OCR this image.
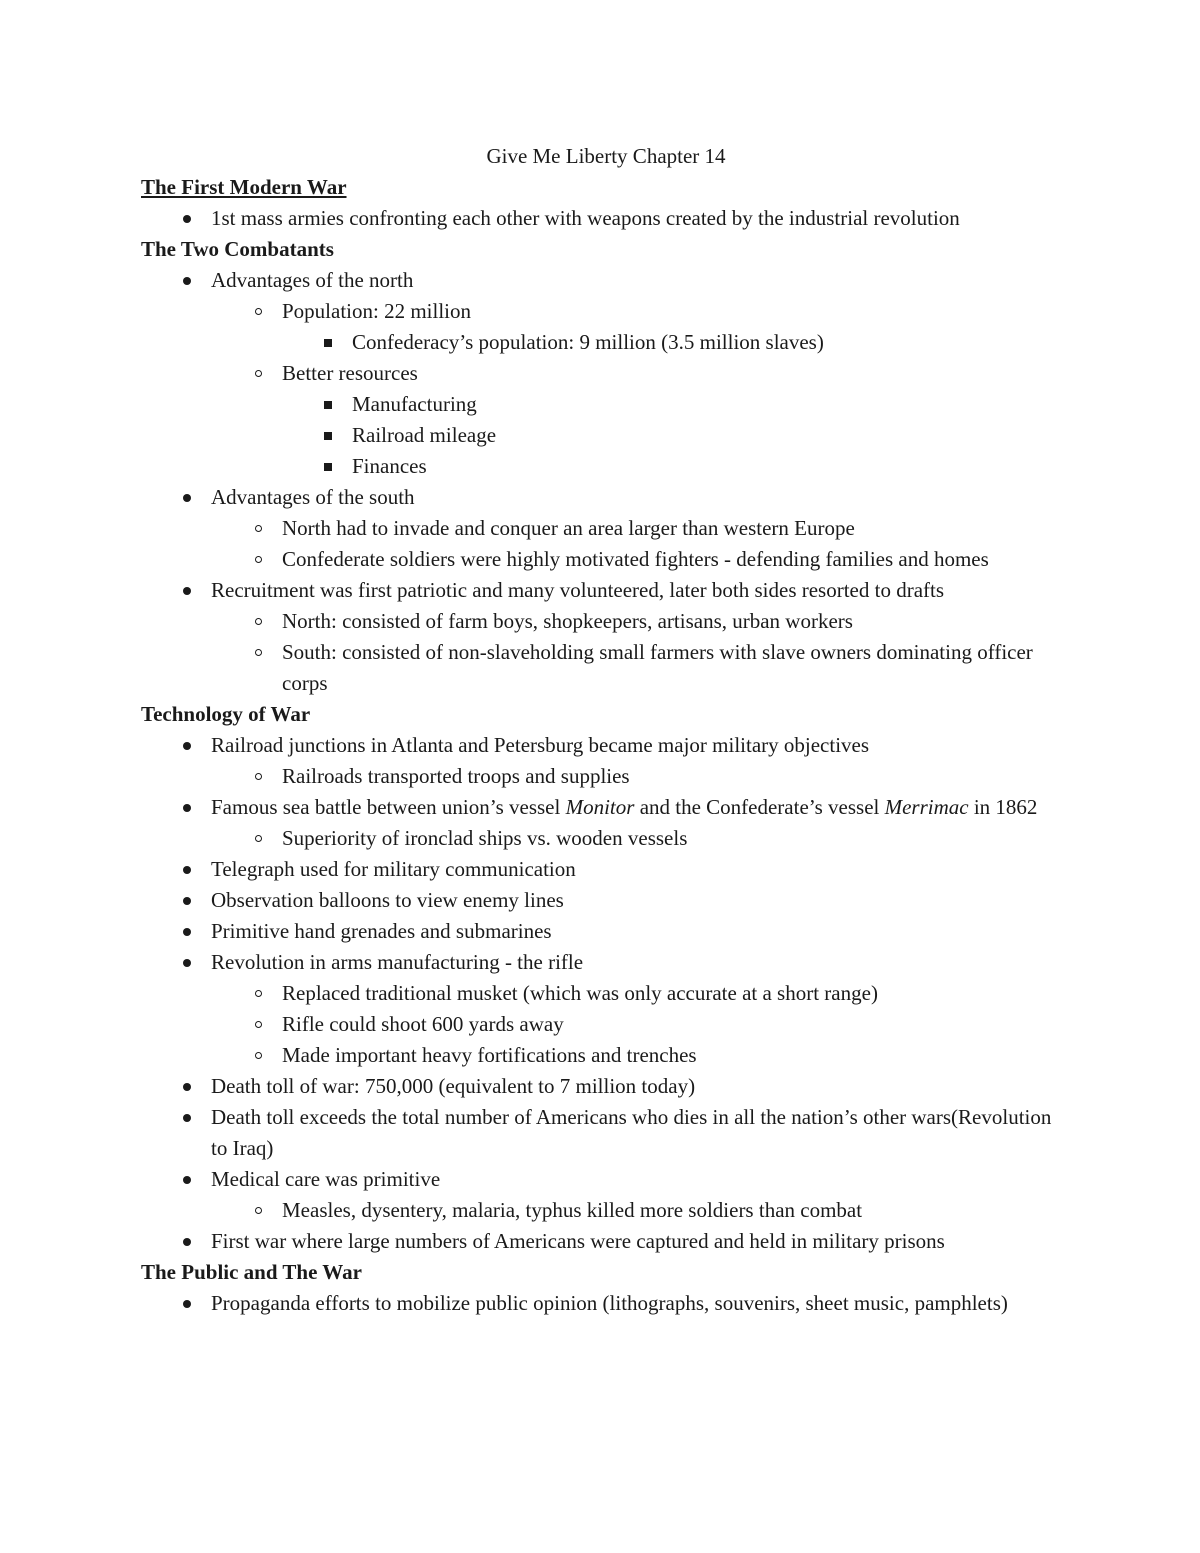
Give Me Liberty Chapter 14
The First Modern War
1st mass armies confronting each other with weapons created by the industrial revolution
The Two Combatants
Advantages of the north
Population: 22 million
Confederacy’s population: 9 million (3.5 million slaves)
Better resources
Manufacturing
Railroad mileage
Finances
Advantages of the south
North had to invade and conquer an area larger than western Europe
Confederate soldiers were highly motivated fighters - defending families and homes
Recruitment was first patriotic and many volunteered, later both sides resorted to drafts
North: consisted of farm boys, shopkeepers, artisans, urban workers
South: consisted of non-slaveholding small farmers with slave owners dominating officer corps
Technology of War
Railroad junctions in Atlanta and Petersburg became major military objectives
Railroads transported troops and supplies
Famous sea battle between union’s vessel Monitor and the Confederate’s vessel Merrimac in 1862
Superiority of ironclad ships vs. wooden vessels
Telegraph used for military communication
Observation balloons to view enemy lines
Primitive hand grenades and submarines
Revolution in arms manufacturing - the rifle
Replaced traditional musket (which was only accurate at a short range)
Rifle could shoot 600 yards away
Made important heavy fortifications and trenches
Death toll of war: 750,000 (equivalent to 7 million today)
Death toll exceeds the total number of Americans who dies in all the nation’s other wars(Revolution to Iraq)
Medical care was primitive
Measles, dysentery, malaria, typhus killed more soldiers than combat
First war where large numbers of Americans were captured and held in military prisons
The Public and The War
Propaganda efforts to mobilize public opinion (lithographs, souvenirs, sheet music, pamphlets)
